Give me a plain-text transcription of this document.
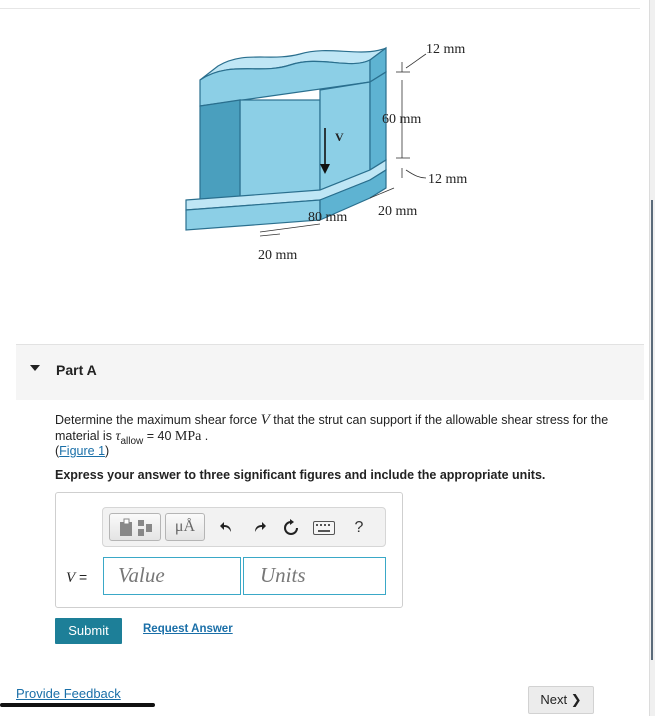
12 mm
60 mm
12 mm
80 mm 20 mm
20 mm
V
Part A
Determine the maximum shear force V that the strut can support if the allowable shear stress for the material is $\tau_{allow} = 40$ MPa .
(Figure 1)
Express your answer to three significant figures and include the appropriate units.
μÅ	?
V =	Value	Units
Submit	Request Answer
Provide Feedback	Next ❯
